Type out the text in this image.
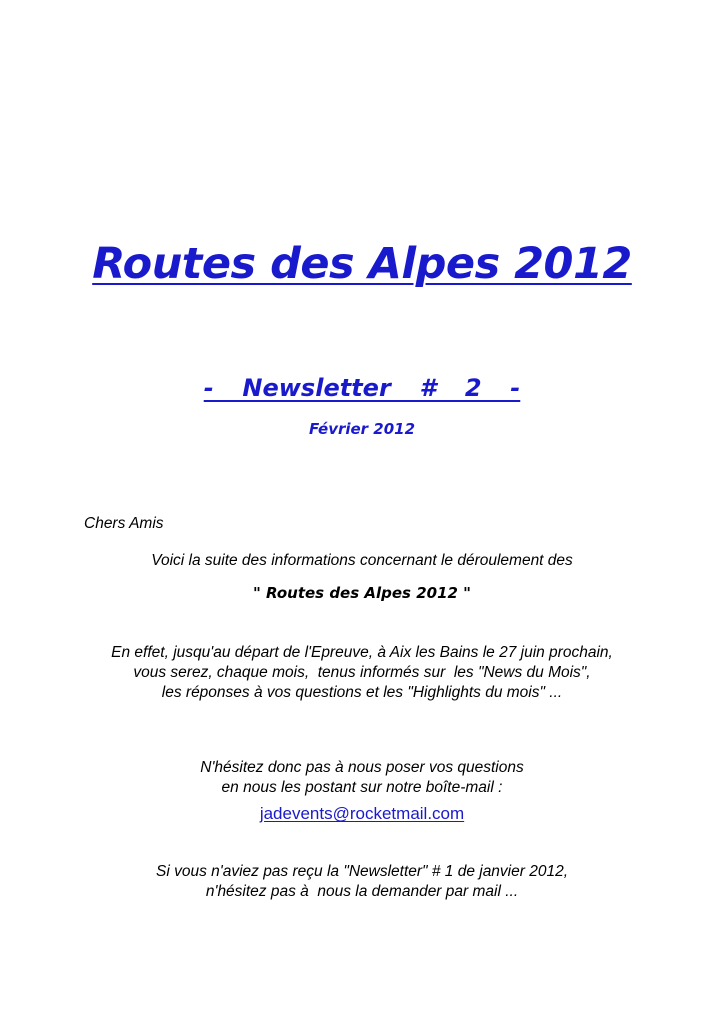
Routes des Alpes 2012
-  Newsletter  #  2  -
Février 2012
Chers Amis
Voici la suite des informations concernant le déroulement des
" Routes des Alpes 2012 "
En effet, jusqu'au départ de l'Epreuve, à Aix les Bains le 27 juin prochain,
vous serez, chaque mois,  tenus informés sur  les "News du Mois",
les réponses à vos questions et les "Highlights du mois" ...
N'hésitez donc pas à nous poser vos questions
en nous les postant sur notre boîte-mail :
jadevents@rocketmail.com
Si vous n'aviez pas reçu la "Newsletter" # 1 de janvier 2012,
n'hésitez pas à  nous la demander par mail ...
